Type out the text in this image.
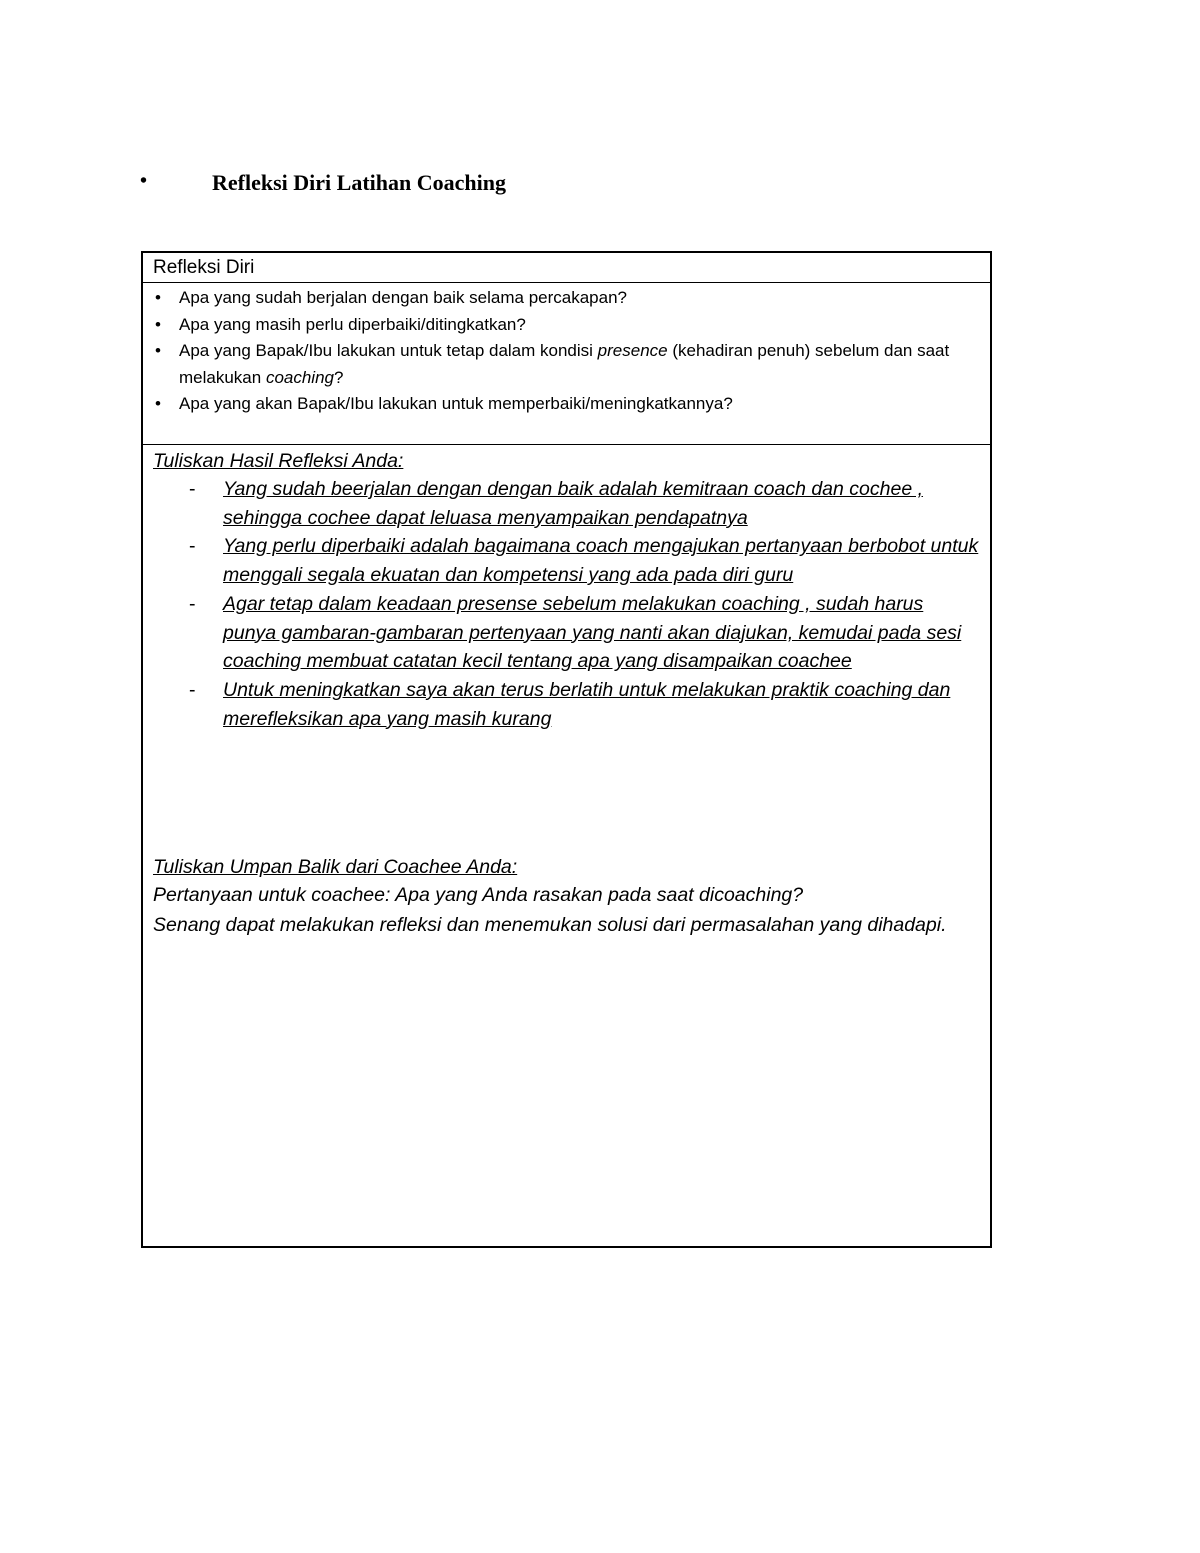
•	Refleksi Diri Latihan Coaching
Refleksi Diri
• Apa yang sudah berjalan dengan baik selama percakapan?
• Apa yang masih perlu diperbaiki/ditingkatkan?
• Apa yang Bapak/Ibu lakukan untuk tetap dalam kondisi presence (kehadiran penuh) sebelum dan saat melakukan coaching?
• Apa yang akan Bapak/Ibu lakukan untuk memperbaiki/meningkatkannya?
Tuliskan Hasil Refleksi Anda:
- Yang sudah beerjalan dengan dengan baik adalah kemitraan coach dan cochee , sehingga cochee dapat leluasa menyampaikan pendapatnya
- Yang perlu diperbaiki adalah bagaimana coach mengajukan pertanyaan berbobot untuk menggali segala ekuatan dan kompetensi yang ada pada diri guru
- Agar tetap dalam keadaan presense sebelum melakukan coaching , sudah harus punya gambaran-gambaran pertenyaan yang nanti akan diajukan, kemudai pada sesi coaching membuat catatan kecil tentang apa yang disampaikan coachee
- Untuk meningkatkan saya akan terus berlatih untuk melakukan praktik coaching dan merefleksikan apa yang masih kurang
Tuliskan Umpan Balik dari Coachee Anda:
Pertanyaan untuk coachee: Apa yang Anda rasakan pada saat dicoaching?
Senang dapat melakukan refleksi dan menemukan solusi dari permasalahan yang dihadapi.
